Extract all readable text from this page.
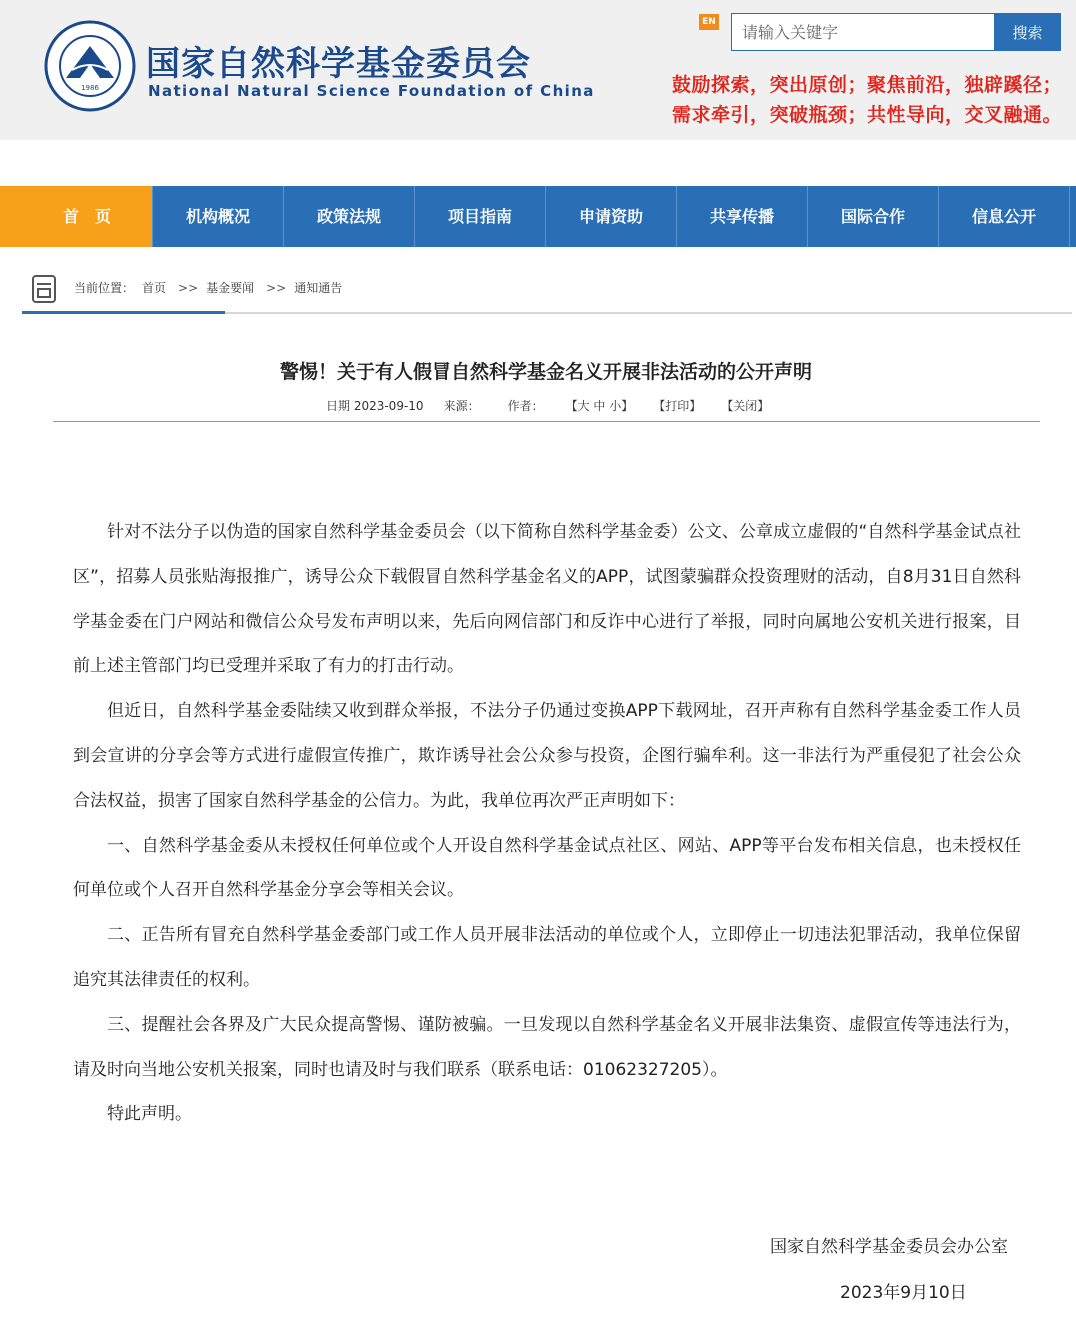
1986
国家自然科学基金委员会
National Natural Science Foundation of China
EN
请输入关键字
搜索
鼓励探索，突出原创；聚焦前沿，独辟蹊径；
需求牵引，突破瓶颈；共性导向，交叉融通。
首　页	机构概况	政策法规	项目指南	申请资助	共享传播	国际合作	信息公开
当前位置： 首页 >> 基金要闻 >> 通知通告
警惕！关于有人假冒自然科学基金名义开展非法活动的公开声明
日期 2023-09-10 来源： 作者： 【大 中 小】 【打印】 【关闭】

针对不法分子以伪造的国家自然科学基金委员会（以下简称自然科学基金委）公文、公章成立虚假的“自然科学基金试点社区”，招募人员张贴海报推广，诱导公众下载假冒自然科学基金名义的APP，试图蒙骗群众投资理财的活动，自8月31日自然科学基金委在门户网站和微信公众号发布声明以来，先后向网信部门和反诈中心进行了举报，同时向属地公安机关进行报案，目前上述主管部门均已受理并采取了有力的打击行动。

但近日，自然科学基金委陆续又收到群众举报，不法分子仍通过变换APP下载网址，召开声称有自然科学基金委工作人员到会宣讲的分享会等方式进行虚假宣传推广，欺诈诱导社会公众参与投资，企图行骗牟利。这一非法行为严重侵犯了社会公众合法权益，损害了国家自然科学基金的公信力。为此，我单位再次严正声明如下：

一、自然科学基金委从未授权任何单位或个人开设自然科学基金试点社区、网站、APP等平台发布相关信息，也未授权任何单位或个人召开自然科学基金分享会等相关会议。

二、正告所有冒充自然科学基金委部门或工作人员开展非法活动的单位或个人，立即停止一切违法犯罪活动，我单位保留追究其法律责任的权利。

三、提醒社会各界及广大民众提高警惕、谨防被骗。一旦发现以自然科学基金名义开展非法集资、虚假宣传等违法行为，请及时向当地公安机关报案，同时也请及时与我们联系（联系电话：01062327205）。

特此声明。

国家自然科学基金委员会办公室
2023年9月10日
